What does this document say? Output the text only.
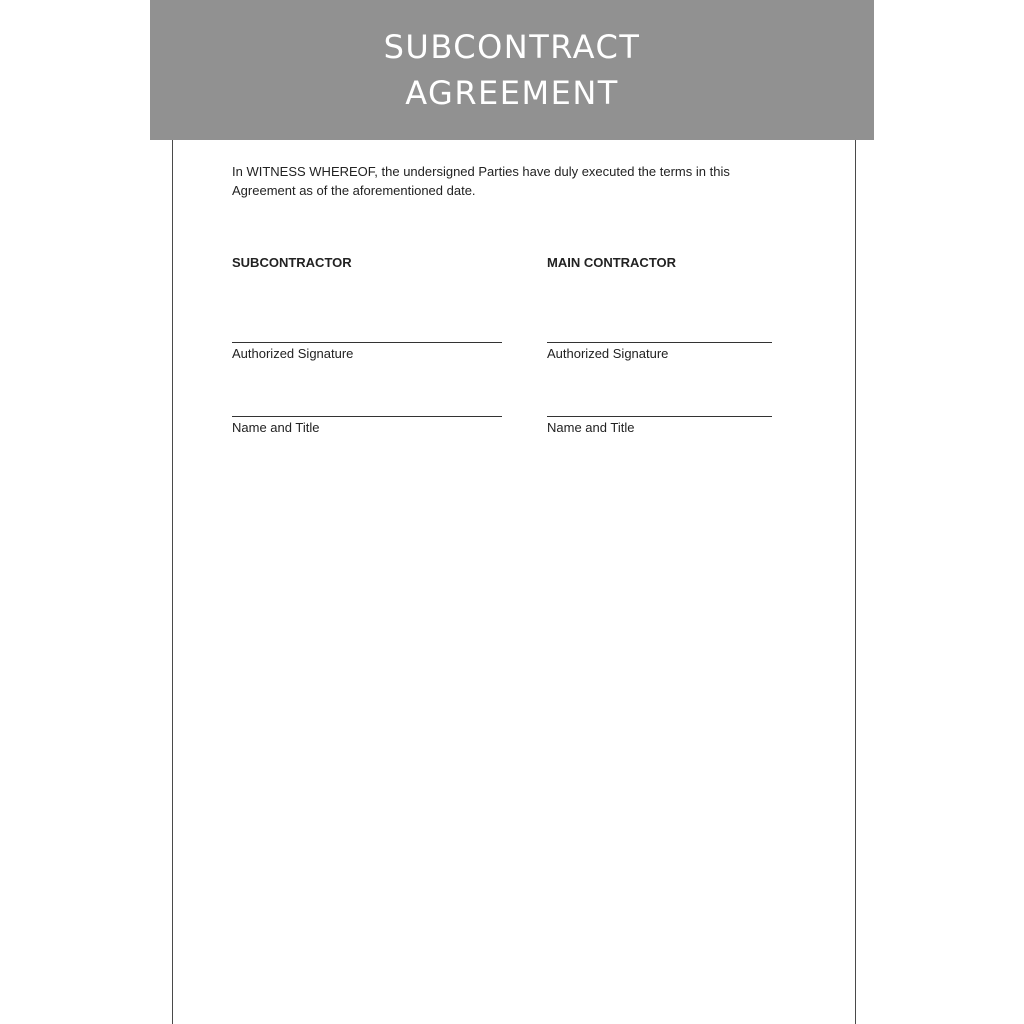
SUBCONTRACT
AGREEMENT
In WITNESS WHEREOF, the undersigned Parties have duly executed the terms in this Agreement as of the aforementioned date.
SUBCONTRACTOR
Authorized Signature
Name and Title
MAIN CONTRACTOR
Authorized Signature
Name and Title
